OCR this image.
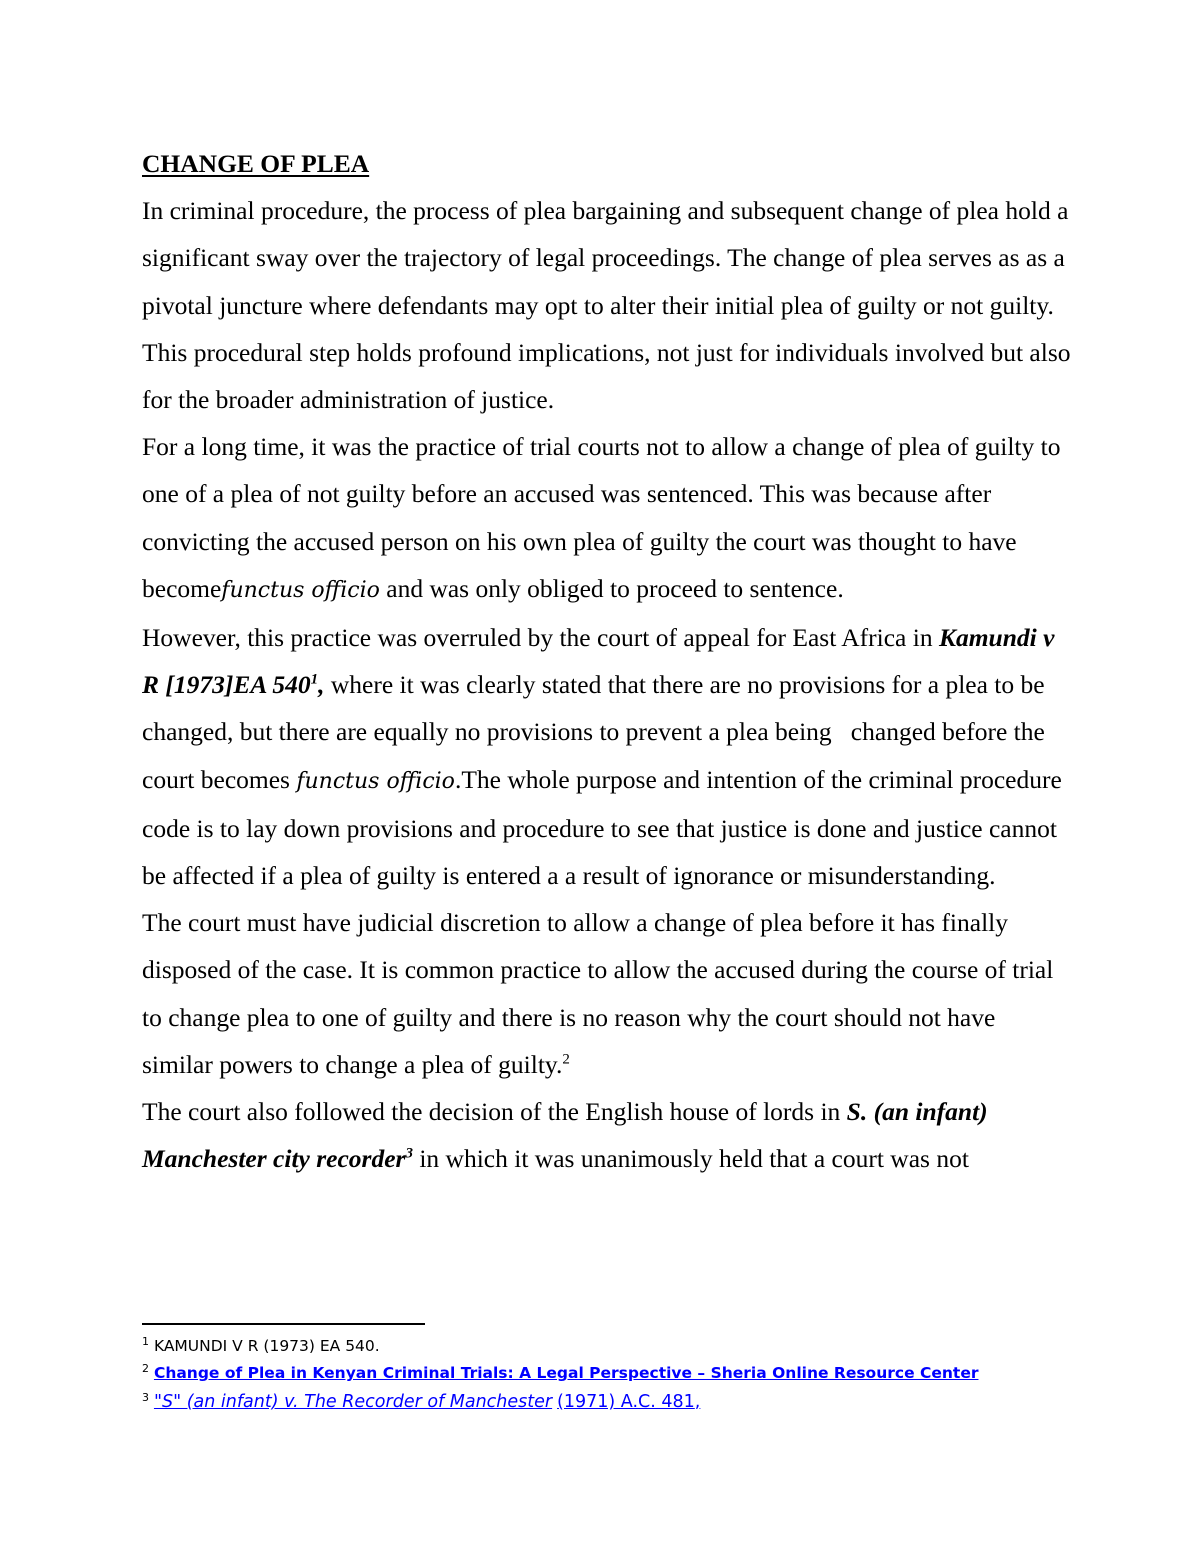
CHANGE OF PLEA

In criminal procedure, the process of plea bargaining and subsequent change of plea hold a significant sway over the trajectory of legal proceedings. The change of plea serves as as a pivotal juncture where defendants may opt to alter their initial plea of guilty or not guilty. This procedural step holds profound implications, not just for individuals involved but also for the broader administration of justice.

For a long time, it was the practice of trial courts not to allow a change of plea of guilty to one of a plea of not guilty before an accused was sentenced. This was because after convicting the accused person on his own plea of guilty the court was thought to have becomefunctus officio and was only obliged to proceed to sentence.

However, this practice was overruled by the court of appeal for East Africa in Kamundi v R [1973]EA $540^1$, where it was clearly stated that there are no provisions for a plea to be changed, but there are equally no provisions to prevent a plea being   changed before the court becomes functus officio.The whole purpose and intention of the criminal procedure code is to lay down provisions and procedure to see that justice is done and justice cannot be affected if a plea of guilty is entered a a result of ignorance or misunderstanding.

The court must have judicial discretion to allow a change of plea before it has finally disposed of the case. It is common practice to allow the accused during the course of trial to change plea to one of guilty and there is no reason why the court should not have similar powers to change a plea of guilty.$^2$

The court also followed the decision of the English house of lords in S. (an infant) Manchester city recorder$^3$ in which it was unanimously held that a court was not

$^1$ KAMUNDI V R (1973) EA 540.

$^2$ Change of Plea in Kenyan Criminal Trials: A Legal Perspective – Sheria Online Resource Center

$^3$ "S" (an infant) v. The Recorder of Manchester (1971) A.C. 481,
